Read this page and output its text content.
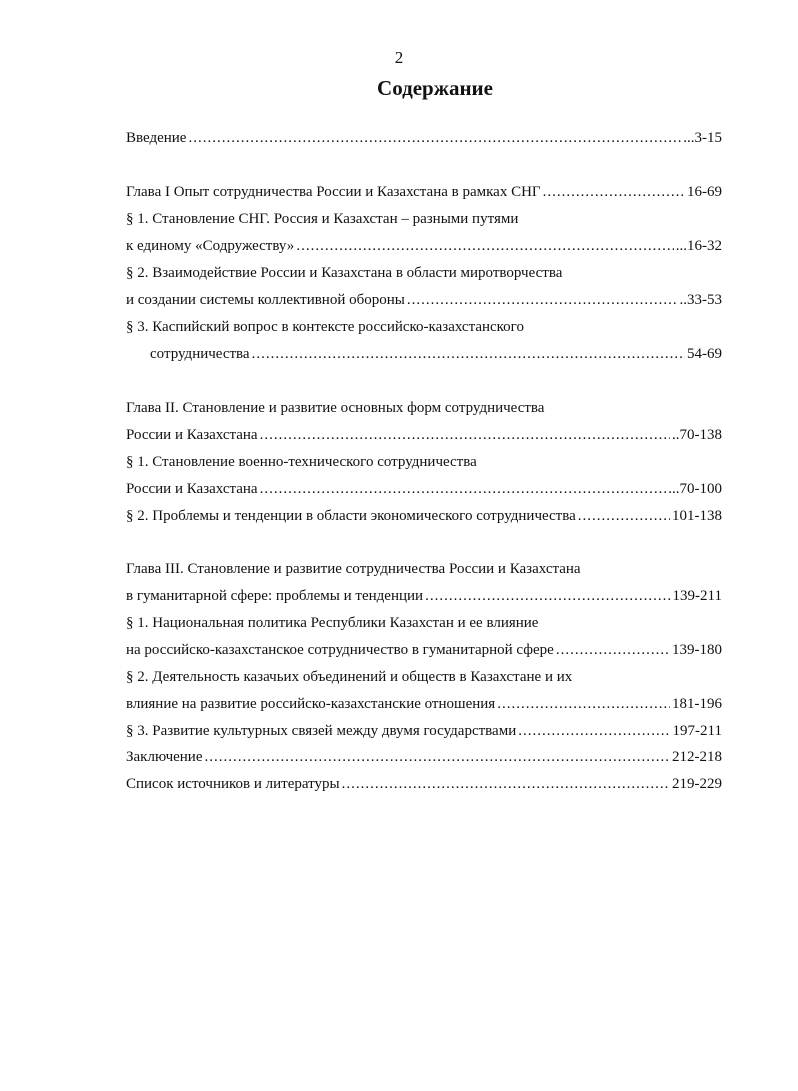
2
Содержание
Введение .....	...3-15
Глава I Опыт сотрудничества России и Казахстана в рамках СНГ .....	16-69
§ 1. Становление СНГ. Россия и Казахстан – разными путями
к единому «Содружеству» .....	...16-32
§ 2. Взаимодействие России и Казахстана в области миротворчества
и создании системы коллективной обороны .....	..33-53
§ 3. Каспийский вопрос в контексте российско-казахстанского
сотрудничества .....	54-69
Глава II. Становление и развитие основных форм сотрудничества
России и Казахстана .....	..70-138
§ 1. Становление военно-технического сотрудничества
России и Казахстана .....	...70-100
§ 2. Проблемы и тенденции в области экономического сотрудничества .....	101-138
Глава III. Становление и развитие сотрудничества России и Казахстана
в гуманитарной сфере: проблемы и тенденции .....	139-211
§ 1. Национальная политика Республики Казахстан и ее влияние
на российско-казахстанское сотрудничество в гуманитарной сфере .....	139-180
§ 2. Деятельность казачьих объединений и обществ в Казахстане и их
влияние на развитие российско-казахстанские отношения .....	181-196
§ 3. Развитие культурных связей между двумя государствами .....	197-211
Заключение .....	212-218
Список источников и литературы .....	219-229
